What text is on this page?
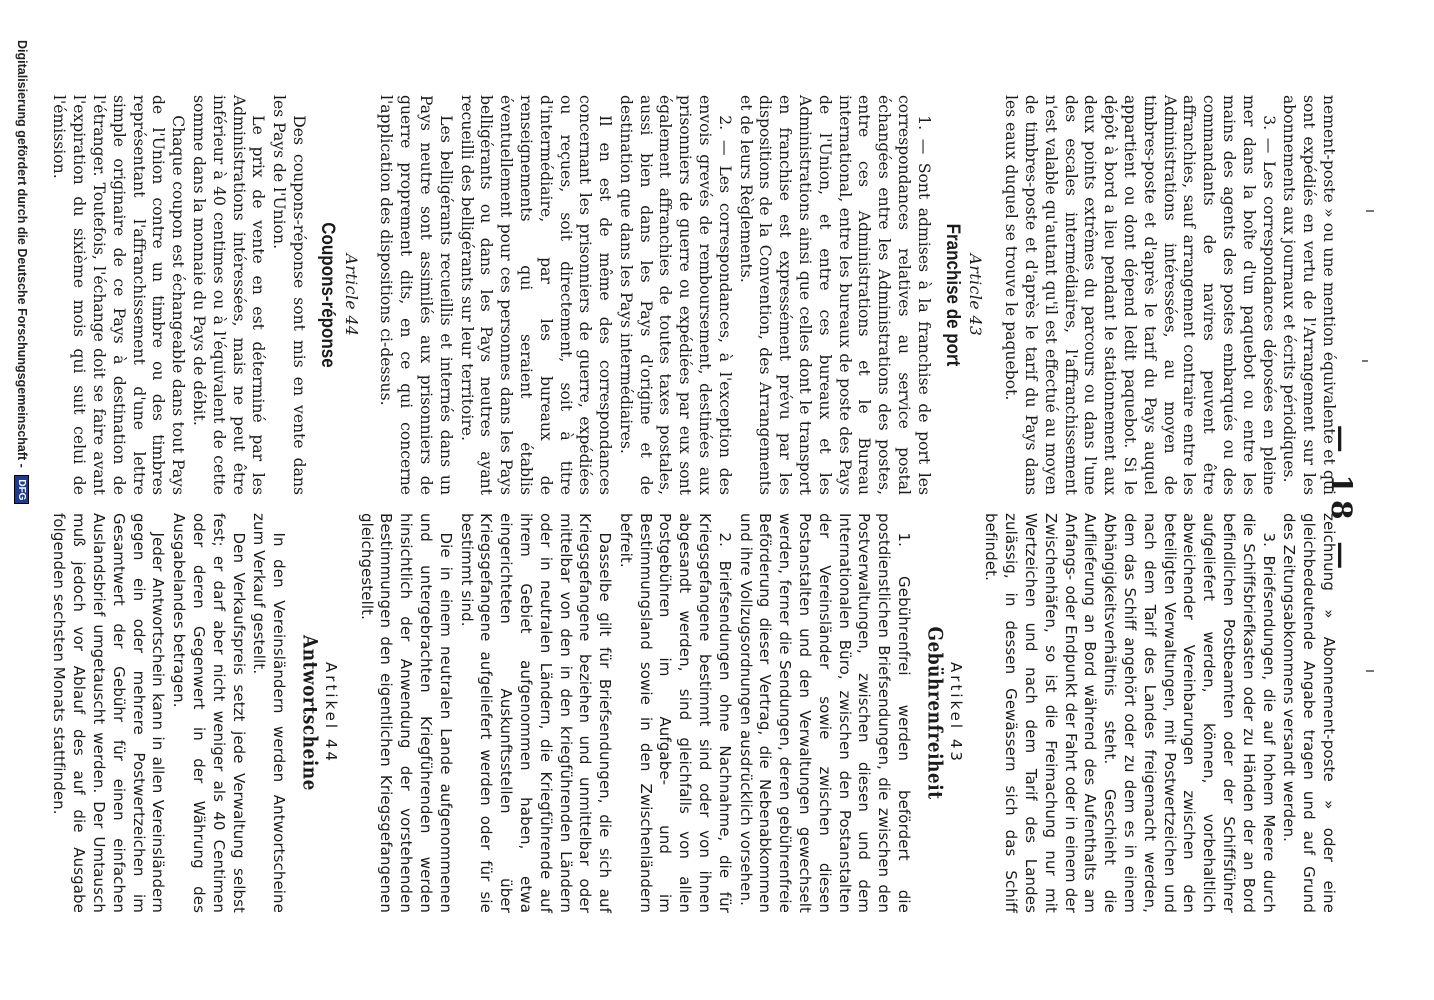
— 18 —

nement-poste » ou une mention équivalente et qui sont expédiés en vertu de l'Arrangement sur les abonnements aux journaux et écrits périodiques.

3. — Les correspondances déposées en pleine mer dans la boîte d'un paquebot ou entre les mains des agents des postes embarqués ou des commandants de navires peuvent être affranchies, sauf arrangement contraire entre les Administrations intéressées, au moyen de timbres-poste et d'après le tarif du Pays auquel appartient ou dont dépend ledit paquebot. Si le dépôt à bord a lieu pendant le stationnement aux deux points extrêmes du parcours ou dans l'une des escales intermédiaires, l'affranchissement n'est valable qu'autant qu'il est effectué au moyen de timbres-poste et d'après le tarif du Pays dans les eaux duquel se trouve le paquebot.

Article 43
Franchise de port

1. — Sont admises à la franchise de port les correspondances relatives au service postal échangées entre les Administrations des postes, entre ces Administrations et le Bureau international, entre les bureaux de poste des Pays de l'Union, et entre ces bureaux et les Administrations ainsi que celles dont le transport en franchise est expressément prévu par les dispositions de la Convention, des Arrangements et de leurs Règlements.

2. — Les correspondances, à l'exception des envois grevés de remboursement, destinées aux prisonniers de guerre ou expédiées par eux sont également affranchies de toutes taxes postales, aussi bien dans les Pays d'origine et de destination que dans les Pays intermédiaires.

Il en est de même des correspondances concernant les prisonniers de guerre, expédiées ou reçues, soit directement, soit à titre d'intermédiaire, par les bureaux de renseignements qui seraient établis éventuellement pour ces personnes dans les Pays belligérants ou dans les Pays neutres ayant recueilli des belligérants sur leur territoire.

Les belligérants recueillis et internés dans un Pays neutre sont assimilés aux prisonniers de guerre proprement dits, en ce qui concerne l'application des dispositions ci-dessus.

Article 44
Coupons-réponse

Des coupons-réponse sont mis en vente dans les Pays de l'Union.

Le prix de vente en est déterminé par les Administrations intéressées, mais ne peut être inférieur à 40 centimes ou à l'équivalent de cette somme dans la monnaie du Pays de débit.

Chaque coupon est échangeable dans tout Pays de l'Union contre un timbre ou des timbres représentant l'affranchissement d'une lettre simple originaire de ce Pays à destination de l'étranger. Toutefois, l'échange doit se faire avant l'expiration du sixième mois qui suit celui de l'émission.

zeichnung » Abonnement-poste » oder eine gleichbedeutende Angabe tragen und auf Grund des Zeitungsabkommens versandt werden.

3. Briefsendungen, die auf hohem Meere durch die Schiffsbriefkasten oder zu Händen der an Bord befindlichen Postbeamten oder der Schiffsführer aufgeliefert werden, können, vorbehaltlich abweichender Vereinbarungen zwischen den beteiligten Verwaltungen, mit Postwertzeichen und nach dem Tarif des Landes freigemacht werden, dem das Schiff angehört oder zu dem es in einem Abhängigkeitsverhältnis steht. Geschieht die Auflieferung an Bord während des Aufenthalts am Anfangs- oder Endpunkt der Fahrt oder in einem der Zwischenhäfen, so ist die Freimachung nur mit Wertzeichen und nach dem Tarif des Landes zulässig, in dessen Gewässern sich das Schiff befindet.

Artikel 43
Gebührenfreiheit

1. Gebührenfrei werden befördert die postdienstlichen Briefsendungen, die zwischen den Postverwaltungen, zwischen diesen und dem Internationalen Büro, zwischen den Postanstalten der Vereinsländer sowie zwischen diesen Postanstalten und den Verwaltungen gewechselt werden, ferner die Sendungen, deren gebührenfreie Beförderung dieser Vertrag, die Nebenabkommen und ihre Vollzugsordnungen ausdrücklich vorsehen.

2. Briefsendungen ohne Nachnahme, die für Kriegsgefangene bestimmt sind oder von ihnen abgesandt werden, sind gleichfalls von allen Postgebühren im Aufgabe- und im Bestimmungsland sowie in den Zwischenländern befreit.

Dasselbe gilt für Briefsendungen, die sich auf Kriegsgefangene beziehen und unmittelbar oder mittelbar von den in den kriegführenden Ländern oder in neutralen Ländern, die Kriegführende auf ihrem Gebiet aufgenommen haben, etwa eingerichteten Auskunftsstellen über Kriegsgefangene aufgeliefert werden oder für sie bestimmt sind.

Die in einem neutralen Lande aufgenommenen und untergebrachten Kriegführenden werden hinsichtlich der Anwendung der vorstehenden Bestimmungen den eigentlichen Kriegsgefangenen gleichgestellt.

Artikel 44
Antwortscheine

In den Vereinsländern werden Antwortscheine zum Verkauf gestellt.

Den Verkaufspreis setzt jede Verwaltung selbst fest; er darf aber nicht weniger als 40 Centimen oder deren Gegenwert in der Währung des Ausgabelandes betragen.

Jeder Antwortschein kann in allen Vereinsländern gegen ein oder mehrere Postwertzeichen im Gesamtwert der Gebühr für einen einfachen Auslandsbrief umgetauscht werden. Der Umtausch muß jedoch vor Ablauf des auf die Ausgabe folgenden sechsten Monats stattfinden.

Digitalisierung gefördert durch die Deutsche Forschungsgemeinschaft - DFG
